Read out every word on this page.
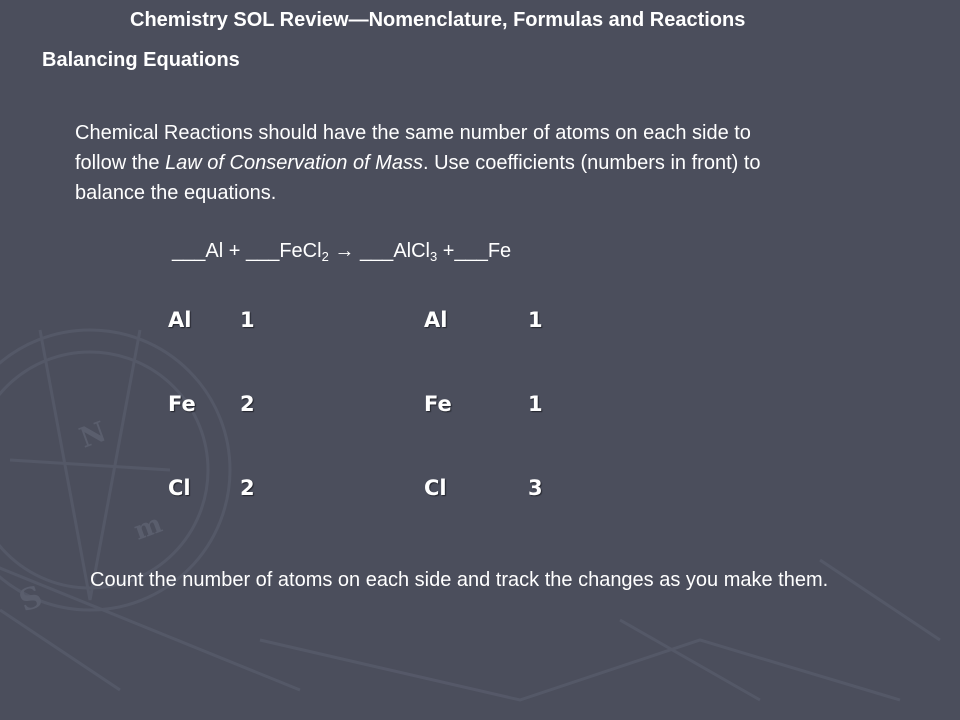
N
m
S
Chemistry SOL Review—Nomenclature, Formulas and Reactions
Balancing Equations
Chemical Reactions should have the same number of atoms on each side to follow the Law of Conservation of Mass. Use coefficients (numbers in front) to balance the equations.
___Al + ___FeCl$_2$ → ___AlCl$_3$ +___Fe
Al 1	Al	1
Fe 2	Fe	1
Cl 2	Cl	3
Count the number of atoms on each side and track the changes as you make them.
